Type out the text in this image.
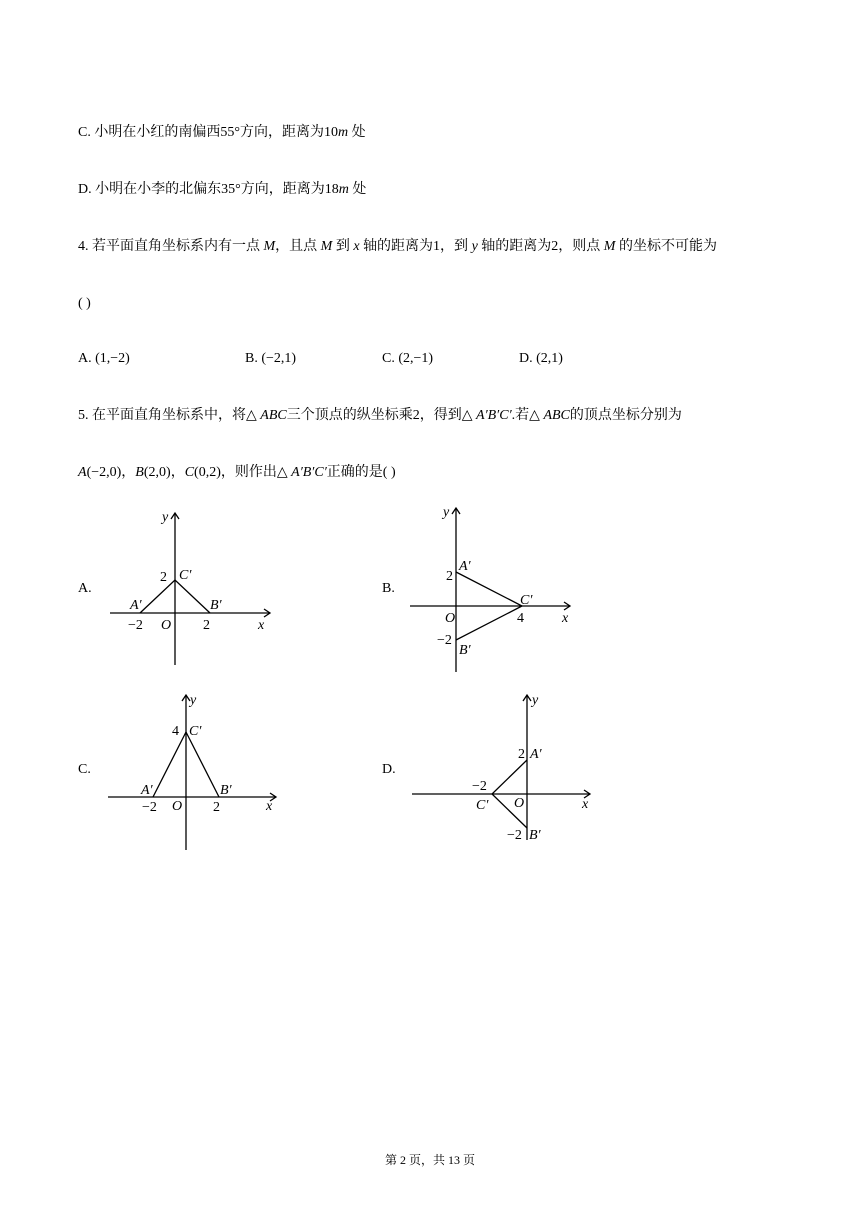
C. 小明在小红的南偏西55°方向，距离为10m 处
D. 小明在小李的北偏东35°方向，距离为18m 处
4. 若平面直角坐标系内有一点 M，且点 M 到 x 轴的距离为1，到 y 轴的距离为2，则点 M 的坐标不可能为
( )
A. (1,−2)	B. (−2,1)	C. (2,−1)	D. (2,1)
5. 在平面直角坐标系中，将△ ABC三个顶点的纵坐标乘2，得到△ A′B′C′.若△ ABC的顶点坐标分别为
A(−2,0)，B(2,0)，C(0,2)，则作出△ A′B′C′正确的是( )
A.	B.
C.	D.
y
x
O
2 C′
A′	B′
−2	2
y
x
O
2
A′
C′
4
−2
B′
y
x
O
4 C′
A′	B′
−2	2
y
x
O
2 A′
−2
C′
−2 B′
第 2 页，共 13 页
